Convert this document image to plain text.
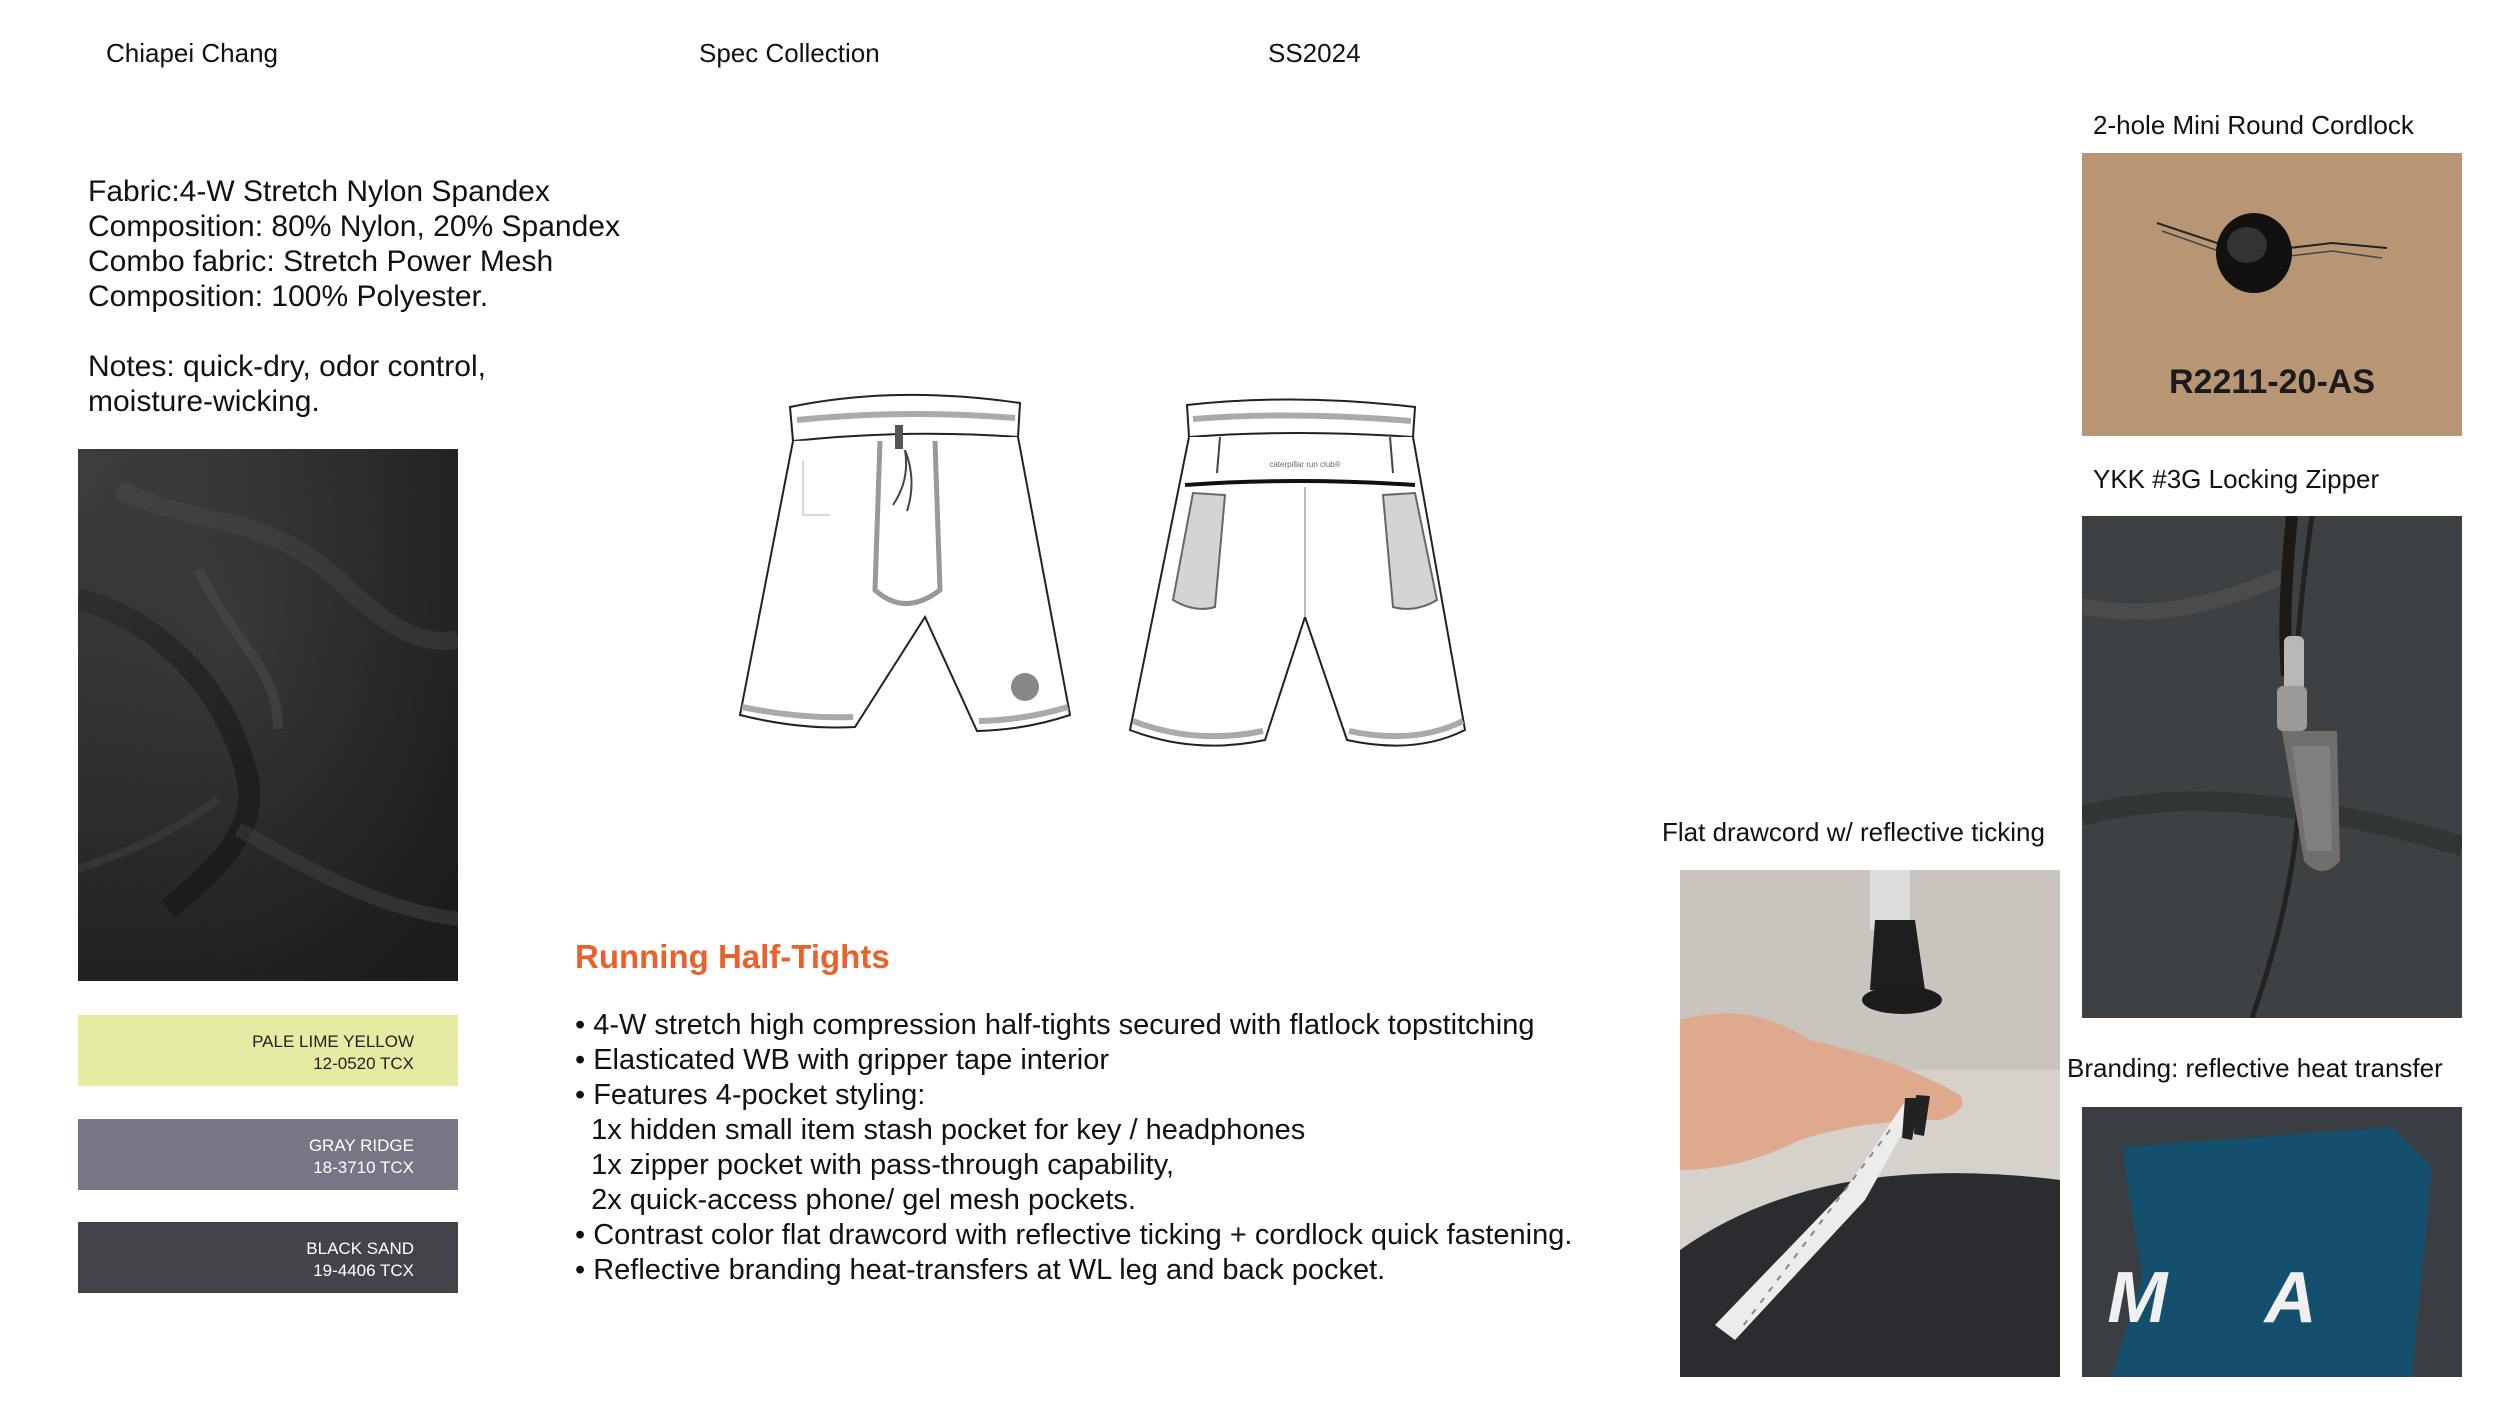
Chiapei Chang	Spec Collection	SS2024
Fabric:4-W Stretch Nylon Spandex
Composition: 80% Nylon, 20% Spandex
Combo fabric: Stretch Power Mesh
Composition: 100% Polyester.
Notes: quick-dry, odor control,
moisture-wicking.
PALE LIME YELLOW
12-0520 TCX
GRAY RIDGE
18-3710 TCX
BLACK SAND
19-4406 TCX
caterpillar run club®
Running Half-Tights
• 4-W stretch high compression half-tights secured with flatlock topstitching
• Elasticated WB with gripper tape interior
• Features 4-pocket styling:
1x hidden small item stash pocket for key / headphones
1x zipper pocket with pass-through capability,
2x quick-access phone/ gel mesh pockets.
• Contrast color flat drawcord with reflective ticking + cordlock quick fastening.
• Reflective branding heat-transfers at WL leg and back pocket.
2-hole Mini Round Cordlock
R2211-20-AS
YKK #3G Locking Zipper
Flat drawcord w/ reflective ticking
Branding: reflective heat transfer
M A
